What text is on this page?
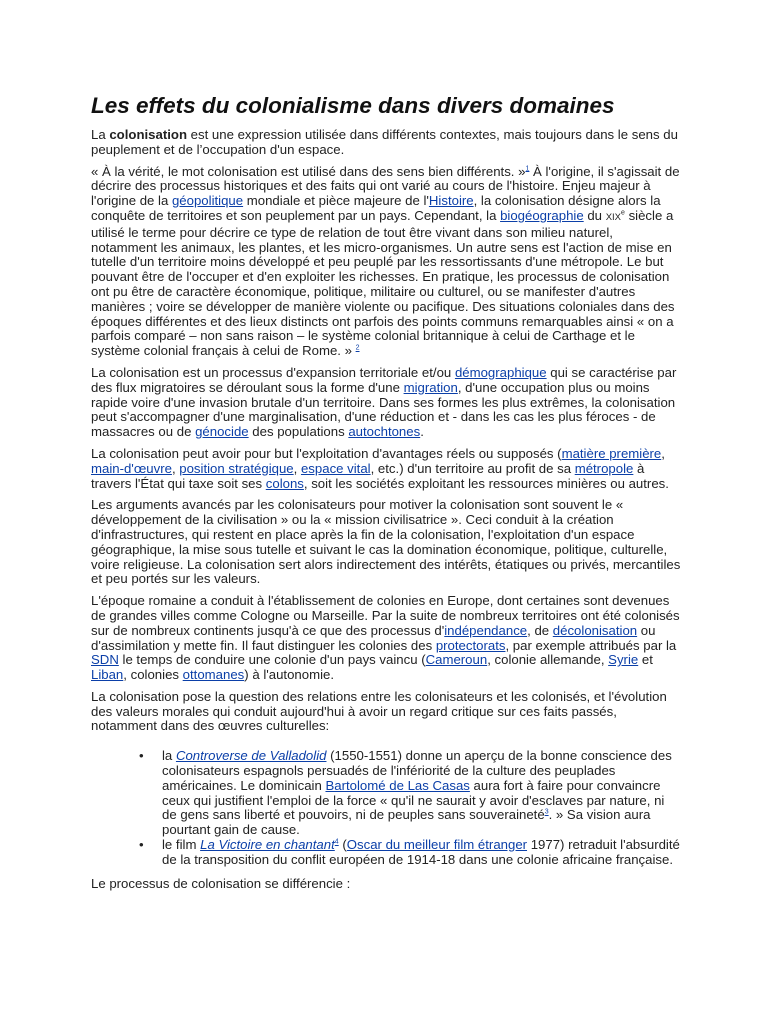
Les effets du colonialisme dans divers domaines

La colonisation est une expression utilisée dans différents contextes, mais toujours dans le sens du peuplement et de l’occupation d'un espace.

« À la vérité, le mot colonisation est utilisé dans des sens bien différents. »$^1$ À l'origine, il s'agissait de décrire des processus historiques et des faits qui ont varié au cours de l'histoire. Enjeu majeur à l'origine de la géopolitique mondiale et pièce majeure de l'Histoire, la colonisation désigne alors la conquête de territoires et son peuplement par un pays. Cependant, la biogéographie du XIXe siècle a utilisé le terme pour décrire ce type de relation de tout être vivant dans son milieu naturel, notamment les animaux, les plantes, et les micro-organismes. Un autre sens est l'action de mise en tutelle d'un territoire moins développé et peu peuplé par les ressortissants d'une métropole. Le but pouvant être de l'occuper et d'en exploiter les richesses. En pratique, les processus de colonisation ont pu être de caractère économique, politique, militaire ou culturel, ou se manifester d'autres manières ; voire se développer de manière violente ou pacifique. Des situations coloniales dans des époques différentes et des lieux distincts ont parfois des points communs remarquables ainsi « on a parfois comparé – non sans raison – le système colonial britannique à celui de Carthage et le système colonial français à celui de Rome. » $^2$

La colonisation est un processus d'expansion territoriale et/ou démographique qui se caractérise par des flux migratoires se déroulant sous la forme d'une migration, d'une occupation plus ou moins rapide voire d'une invasion brutale d'un territoire. Dans ses formes les plus extrêmes, la colonisation peut s'accompagner d'une marginalisation, d'une réduction et - dans les cas les plus féroces - de massacres ou de génocide des populations autochtones.

La colonisation peut avoir pour but l'exploitation d'avantages réels ou supposés (matière première, main-d'œuvre, position stratégique, espace vital, etc.) d'un territoire au profit de sa métropole à travers l'État qui taxe soit ses colons, soit les sociétés exploitant les ressources minières ou autres.

Les arguments avancés par les colonisateurs pour motiver la colonisation sont souvent le « développement de la civilisation » ou la « mission civilisatrice ». Ceci conduit à la création d'infrastructures, qui restent en place après la fin de la colonisation, l'exploitation d'un espace géographique, la mise sous tutelle et suivant le cas la domination économique, politique, culturelle, voire religieuse. La colonisation sert alors indirectement des intérêts, étatiques ou privés, mercantiles et peu portés sur les valeurs.

L'époque romaine a conduit à l'établissement de colonies en Europe, dont certaines sont devenues de grandes villes comme Cologne ou Marseille. Par la suite de nombreux territoires ont été colonisés sur de nombreux continents jusqu'à ce que des processus d'indépendance, de décolonisation ou d'assimilation y mette fin. Il faut distinguer les colonies des protectorats, par exemple attribués par la SDN le temps de conduire une colonie d'un pays vaincu (Cameroun, colonie allemande, Syrie et Liban, colonies ottomanes) à l'autonomie.

La colonisation pose la question des relations entre les colonisateurs et les colonisés, et l'évolution des valeurs morales qui conduit aujourd'hui à avoir un regard critique sur ces faits passés, notamment dans des œuvres culturelles:

• la Controverse de Valladolid (1550-1551) donne un aperçu de la bonne conscience des colonisateurs espagnols persuadés de l'infériorité de la culture des peuplades américaines. Le dominicain Bartolomé de Las Casas aura fort à faire pour convaincre ceux qui justifient l'emploi de la force « qu'il ne saurait y avoir d'esclaves par nature, ni de gens sans liberté et pouvoirs, ni de peuples sans souveraineté$^3$. » Sa vision aura pourtant gain de cause.
• le film La Victoire en chantant$^4$ (Oscar du meilleur film étranger 1977) retraduit l'absurdité de la transposition du conflit européen de 1914-18 dans une colonie africaine française.

Le processus de colonisation se différencie :
